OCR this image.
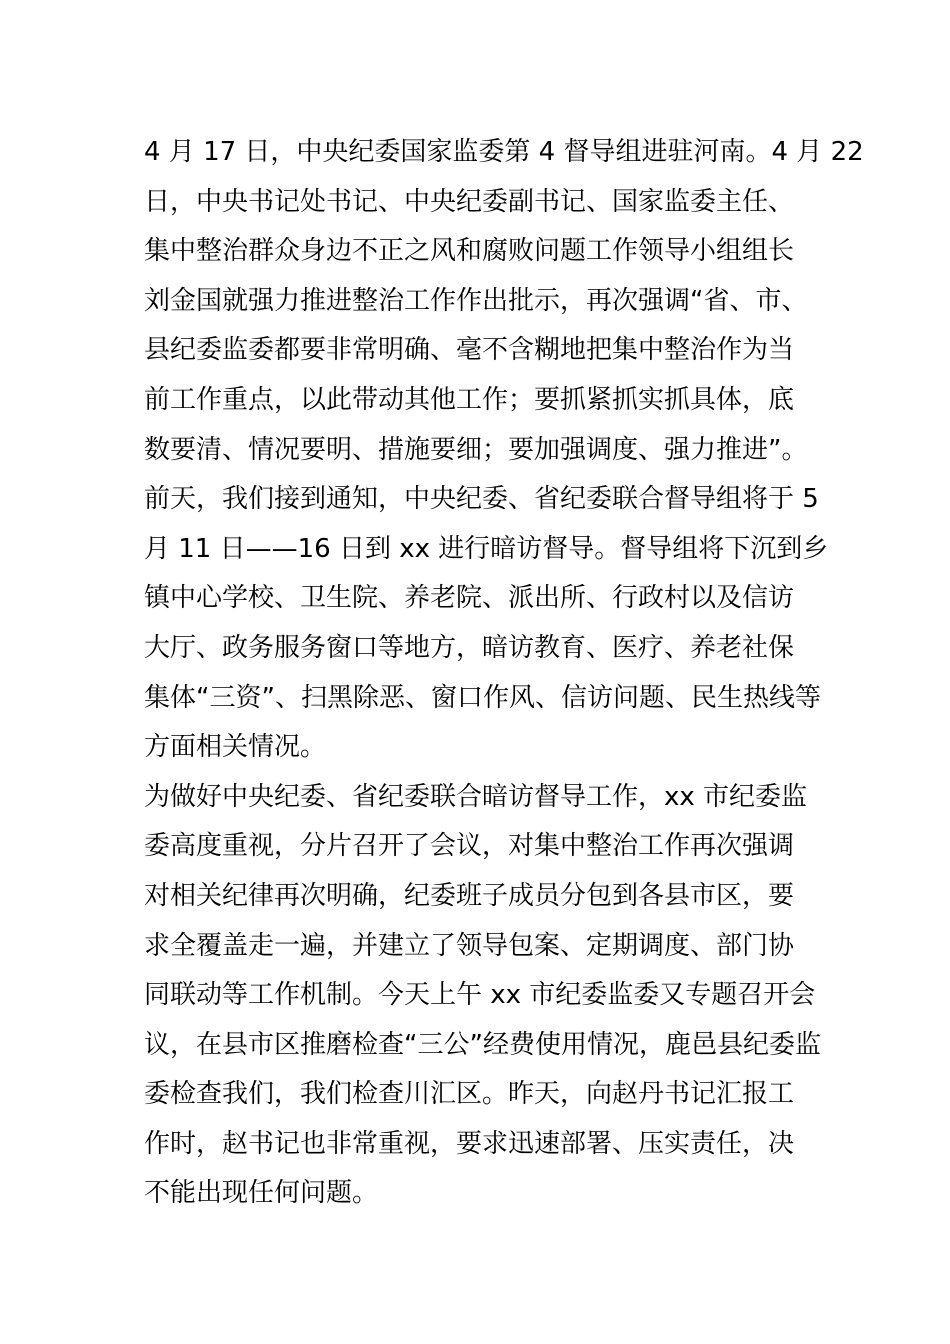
4 月 17 日，中央纪委国家监委第 4 督导组进驻河南。4 月 22
日，中央书记处书记、中央纪委副书记、国家监委主任、
集中整治群众身边不正之风和腐败问题工作领导小组组长
刘金国就强力推进整治工作作出批示，再次强调“省、市、
县纪委监委都要非常明确、毫不含糊地把集中整治作为当
前工作重点，以此带动其他工作；要抓紧抓实抓具体，底
数要清、情况要明、措施要细；要加强调度、强力推进”。
前天，我们接到通知，中央纪委、省纪委联合督导组将于 5
月 11 日——16 日到 xx 进行暗访督导。督导组将下沉到乡
镇中心学校、卫生院、养老院、派出所、行政村以及信访
大厅、政务服务窗口等地方，暗访教育、医疗、养老社保
集体“三资”、扫黑除恶、窗口作风、信访问题、民生热线等
方面相关情况。
为做好中央纪委、省纪委联合暗访督导工作，xx 市纪委监
委高度重视，分片召开了会议，对集中整治工作再次强调
对相关纪律再次明确，纪委班子成员分包到各县市区，要
求全覆盖走一遍，并建立了领导包案、定期调度、部门协
同联动等工作机制。今天上午 xx 市纪委监委又专题召开会
议，在县市区推磨检查“三公”经费使用情况，鹿邑县纪委监
委检查我们，我们检查川汇区。昨天，向赵丹书记汇报工
作时，赵书记也非常重视，要求迅速部署、压实责任，决
不能出现任何问题。
